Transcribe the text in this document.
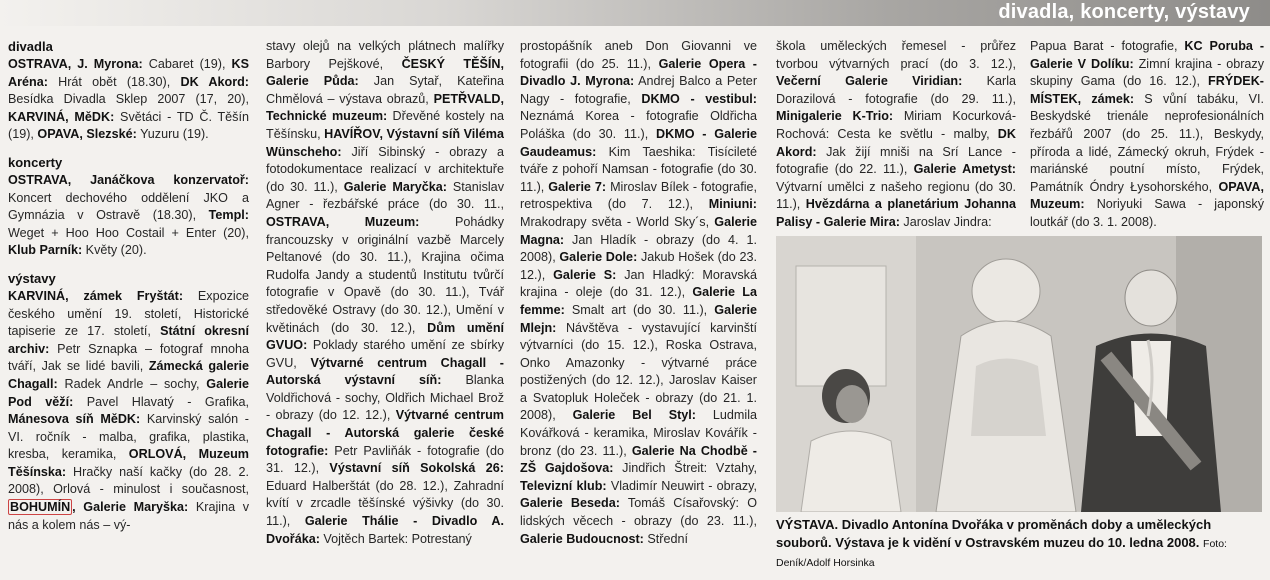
divadla, koncerty, výstavy
divadla
OSTRAVA, J. Myrona: Cabaret (19), KS Aréna: Hrát obět (18.30), DK Akord: Besídka Divadla Sklep 2007 (17, 20), KARVINÁ, MěDK: Světáci - TD Č. Těšín (19), OPAVA, Slezské: Yuzuru (19).
koncerty
OSTRAVA, Janáčkova konzervatoř: Koncert dechového oddělení JKO a Gymnázia v Ostravě (18.30), Templ: Weget + Hoo Hoo Costail + Enter (20), Klub Parník: Květy (20).
výstavy
KARVINÁ, zámek Fryštát: Expozice českého umění 19. století, Historické tapiserie ze 17. století, Státní okresní archiv: Petr Sznapka – fotograf mnoha tváří, Jak se lidé bavili, Zámecká galerie Chagall: Radek Andrle – sochy, Galerie Pod věží: Pavel Hlavatý - Grafika, Mánesova síň MěDK: Karvinský salón - VI. ročník - malba, grafika, plastika, kresba, keramika, ORLOVÁ, Muzeum Těšínska: Hračky naší kačky (do 28. 2. 2008), Orlová - minulost i současnost, BOHUMÍN , Galerie Maryška: Krajina v nás a kolem nás – vý-
stavy olejů na velkých plátnech malířky Barbory Pejškové, ČESKÝ TĚŠÍN, Galerie Půda: Jan Sytař, Kateřina Chmělová – výstava obrazů, PETŘVALD, Technické muzeum: Dřevěné kostely na Těšínsku, HAVÍŘOV, Výstavní síň Viléma Wünscheho: Jiří Sibinský - obrazy a fotodokumentace realizací v architektuře (do 30. 11.), Galerie Maryčka: Stanislav Agner - řezbářské práce (do 30. 11., OSTRAVA, Muzeum: Pohádky francouzsky v originální vazbě Marcely Peltanové (do 30. 11.), Krajina očima Rudolfa Jandy a studentů Institutu tvůrčí fotografie v Opavě (do 30. 11.), Tvář středověké Ostravy (do 30. 12.), Umění v květinách (do 30. 12.), Dům umění GVUO: Poklady starého umění ze sbírky GVU, Výtvarné centrum Chagall - Autorská výstavní síň: Blanka Voldřichová - sochy, Oldřich Michael Brož - obrazy (do 12. 12.), Výtvarné centrum Chagall - Autorská galerie české fotografie: Petr Pavliňák - fotografie (do 31. 12.), Výstavní síň Sokolská 26: Eduard Halberštát (do 28. 12.), Zahradní kvítí v zrcadle těšínské výšivky (do 30. 11.), Galerie Thálie - Divadlo A. Dvořáka: Vojtěch Bartek: Potrestaný
prostopášník aneb Don Giovanni ve fotografii (do 25. 11.), Galerie Opera - Divadlo J. Myrona: Andrej Balco a Peter Nagy - fotografie, DKMO - vestibul: Neznámá Korea - fotografie Oldřicha Poláška (do 30. 11.), DKMO - Galerie Gaudeamus: Kim Taeshika: Tisícileté tváře z pohoří Namsan - fotografie (do 30. 11.), Galerie 7: Miroslav Bílek - fotografie, retrospektiva (do 7. 12.), Miniuni: Mrakodrapy světa - World Sky´s, Galerie Magna: Jan Hladík - obrazy (do 4. 1. 2008), Galerie Dole: Jakub Hošek (do 23. 12.), Galerie S: Jan Hladký: Moravská krajina - oleje (do 31. 12.), Galerie La femme: Smalt art (do 30. 11.), Galerie Mlejn: Návštěva - vystavující karvinští výtvarníci (do 15. 12.), Roska Ostrava, Onko Amazonky - výtvarné práce postižených (do 12. 12.), Jaroslav Kaiser a Svatopluk Holeček - obrazy (do 21. 1. 2008), Galerie Bel Styl: Ludmila Kovářková - keramika, Miroslav Kovářík - bronz (do 23. 11.), Galerie Na Chodbě - ZŠ Gajdošova: Jindřich Štreit: Vztahy, Televizní klub: Vladimír Neuwirt - obrazy, Galerie Beseda: Tomáš Císařovský: O lidských věcech - obrazy (do 23. 11.), Galerie Budoucnost: Střední
škola uměleckých řemesel - průřez tvorbou výtvarných prací (do 3. 12.), Večerní Galerie Viridian: Karla Dorazilová - fotografie (do 29. 11.), Minigalerie K-Trio: Miriam Kocurková-Rochová: Cesta ke světlu - malby, DK Akord: Jak žijí mniši na Srí Lance - fotografie (do 22. 11.), Galerie Ametyst: Výtvarní umělci z našeho regionu (do 30. 11.), Hvězdárna a planetárium Johanna Palisy - Galerie Mira: Jaroslav Jindra:
Papua Barat - fotografie, KC Poruba - Galerie V Dolíku: Zimní krajina - obrazy skupiny Gama (do 16. 12.), FRÝDEK-MÍSTEK, zámek: S vůní tabáku, VI. Beskydské trienále neprofesionálních řezbářů 2007 (do 25. 11.), Beskydy, příroda a lidé, Zámecký okruh, Frýdek - mariánské poutní místo, Frýdek, Památník Óndry Łysohorského, OPAVA, Muzeum: Noriyuki Sawa - japonský loutkář (do 3. 1. 2008).
VÝSTAVA. Divadlo Antonína Dvořáka v proměnách doby a uměleckých souborů. Výstava je k vidění v Ostravském muzeu do 10. ledna 2008. Foto: Deník/Adolf Horsinka
